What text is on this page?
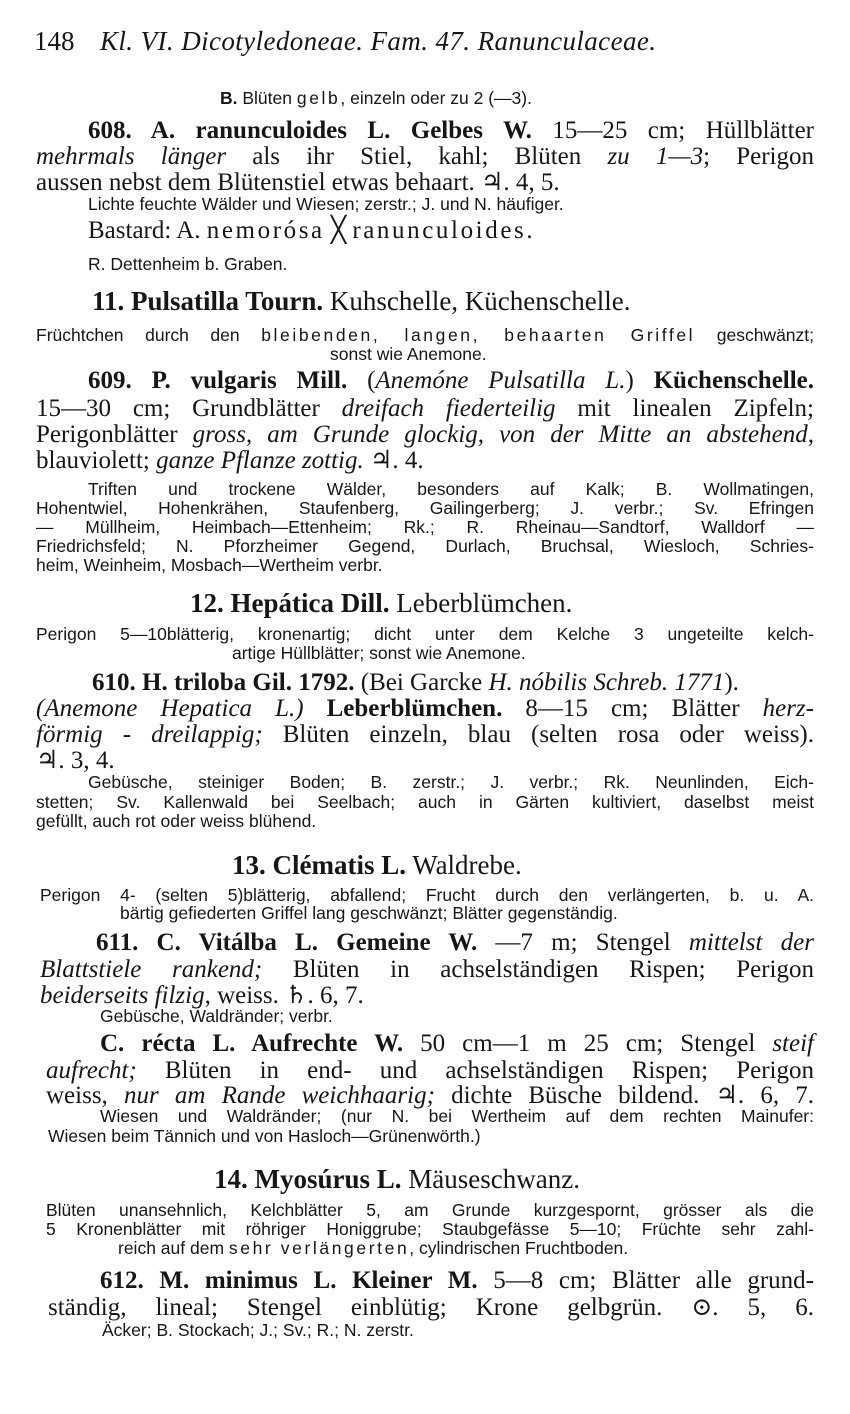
148 Kl. VI. Dicotyledoneae. Fam. 47. Ranunculaceae.
B. Blüten gelb, einzeln oder zu 2 (—3).
608. A. ranunculoides L. Gelbes W. 15—25 cm; Hüllblätter
mehrmals länger als ihr Stiel, kahl; Blüten zu 1—3; Perigon
aussen nebst dem Blütenstiel etwas behaart. ♃. 4, 5.
Lichte feuchte Wälder und Wiesen; zerstr.; J. und N. häufiger.
Bastard: A. nemorósa ╳ ranunculoides.
R. Dettenheim b. Graben.
11. Pulsatilla Tourn. Kuhschelle, Küchenschelle.
Früchtchen durch den bleibenden, langen, behaarten Griffel geschwänzt;
sonst wie Anemone.
609. P. vulgaris Mill. (Anemóne Pulsatilla L.) Küchenschelle.
15—30 cm; Grundblätter dreifach fiederteilig mit linealen Zipfeln;
Perigonblätter gross, am Grunde glockig, von der Mitte an abstehend,
blauviolett; ganze Pflanze zottig. ♃. 4.
Triften und trockene Wälder, besonders auf Kalk; B. Wollmatingen,
Hohentwiel, Hohenkrähen, Staufenberg, Gailingerberg; J. verbr.; Sv. Efringen
— Müllheim, Heimbach—Ettenheim; Rk.; R. Rheinau—Sandtorf, Walldorf —
Friedrichsfeld; N. Pforzheimer Gegend, Durlach, Bruchsal, Wiesloch, Schries-
heim, Weinheim, Mosbach—Wertheim verbr.
12. Hepática Dill. Leberblümchen.
Perigon 5—10blätterig, kronenartig; dicht unter dem Kelche 3 ungeteilte kelch-
artige Hüllblätter; sonst wie Anemone.
610. H. triloba Gil. 1792. (Bei Garcke H. nóbilis Schreb. 1771).
(Anemone Hepatica L.) Leberblümchen. 8—15 cm; Blätter herz-
förmig - dreilappig; Blüten einzeln, blau (selten rosa oder weiss).
♃. 3, 4.
Gebüsche, steiniger Boden; B. zerstr.; J. verbr.; Rk. Neunlinden, Eich-
stetten; Sv. Kallenwald bei Seelbach; auch in Gärten kultiviert, daselbst meist
gefüllt, auch rot oder weiss blühend.
13. Clématis L. Waldrebe.
Perigon 4- (selten 5)blätterig, abfallend; Frucht durch den verlängerten, b. u. A.
bärtig gefiederten Griffel lang geschwänzt; Blätter gegenständig.
611. C. Vitálba L. Gemeine W. —7 m; Stengel mittelst der
Blattstiele rankend; Blüten in achselständigen Rispen; Perigon
beiderseits filzig, weiss. ♄. 6, 7.
Gebüsche, Waldränder; verbr.
C. récta L. Aufrechte W. 50 cm—1 m 25 cm; Stengel steif
aufrecht; Blüten in end- und achselständigen Rispen; Perigon
weiss, nur am Rande weichhaarig; dichte Büsche bildend. ♃. 6, 7.
Wiesen und Waldränder; (nur N. bei Wertheim auf dem rechten Mainufer:
Wiesen beim Tännich und von Hasloch—Grünenwörth.)
14. Myosúrus L. Mäuseschwanz.
Blüten unansehnlich, Kelchblätter 5, am Grunde kurzgespornt, grösser als die
5 Kronenblätter mit röhriger Honiggrube; Staubgefässe 5—10; Früchte sehr zahl-
reich auf dem sehr verlängerten, cylindrischen Fruchtboden.
612. M. minimus L. Kleiner M. 5—8 cm; Blätter alle grund-
ständig, lineal; Stengel einblütig; Krone gelbgrün. ⊙. 5, 6.
Äcker; B. Stockach; J.; Sv.; R.; N. zerstr.
